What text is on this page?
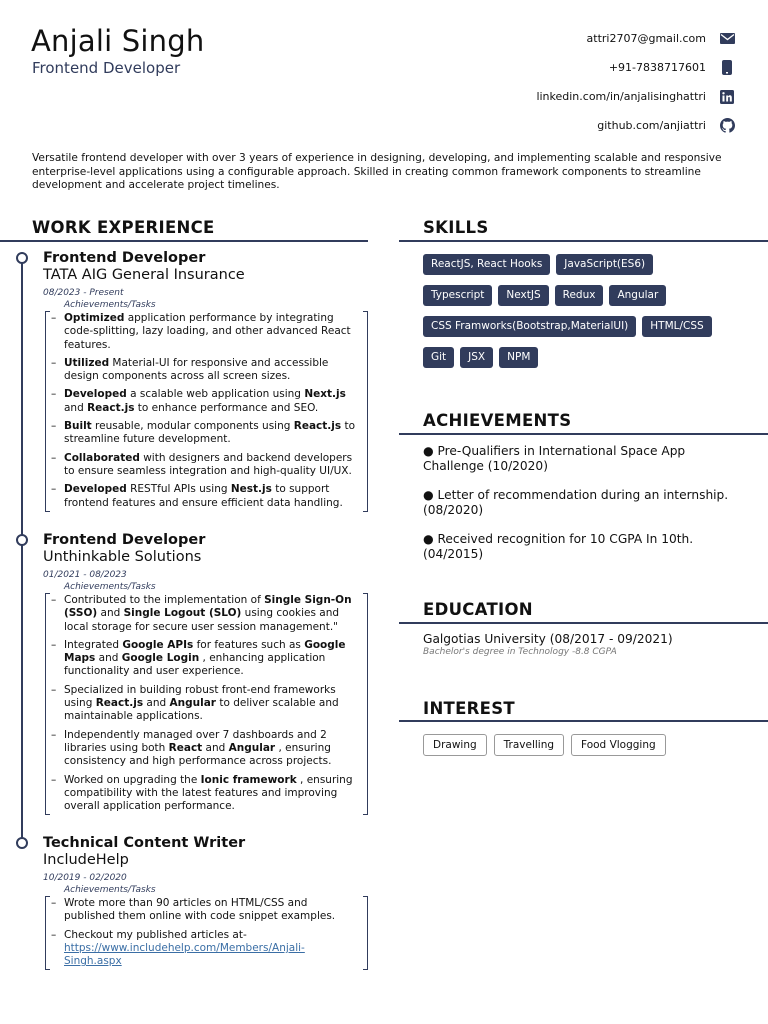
Anjali Singh
Frontend Developer
attri2707@gmail.com
+91-7838717601
linkedin.com/in/anjalisinghattri
github.com/anjiattri
Versatile frontend developer with over 3 years of experience in designing, developing, and implementing scalable and responsive enterprise-level applications using a configurable approach. Skilled in creating common framework components to streamline development and accelerate project timelines.
WORK EXPERIENCE
Frontend Developer
TATA AIG General Insurance
08/2023 - Present
Achievements/Tasks
– Optimized application performance by integrating code-splitting, lazy loading, and other advanced React features.
– Utilized Material-UI for responsive and accessible design components across all screen sizes.
– Developed a scalable web application using Next.js and React.js to enhance performance and SEO.
– Built reusable, modular components using React.js to streamline future development.
– Collaborated with designers and backend developers to ensure seamless integration and high-quality UI/UX.
– Developed RESTful APIs using Nest.js to support frontend features and ensure efficient data handling.
Frontend Developer
Unthinkable Solutions
01/2021 - 08/2023
Achievements/Tasks
– Contributed to the implementation of Single Sign-On (SSO) and Single Logout (SLO) using cookies and local storage for secure user session management."
– Integrated Google APIs for features such as Google Maps and Google Login , enhancing application functionality and user experience.
– Specialized in building robust front-end frameworks using React.js and Angular to deliver scalable and maintainable applications.
– Independently managed over 7 dashboards and 2 libraries using both React and Angular , ensuring consistency and high performance across projects.
– Worked on upgrading the Ionic framework , ensuring compatibility with the latest features and improving overall application performance.
Technical Content Writer
IncludeHelp
10/2019 - 02/2020
Achievements/Tasks
– Wrote more than 90 articles on HTML/CSS and published them online with code snippet examples.
– Checkout my published articles at-https://www.includehelp.com/Members/Anjali-Singh.aspx
SKILLS
ReactJS, React Hooks	JavaScript(ES6)
Typescript	NextJS	Redux	Angular
CSS Framworks(Bootstrap,MaterialUI)	HTML/CSS
Git	JSX	NPM
ACHIEVEMENTS
● Pre-Qualifiers in International Space App Challenge (10/2020)
● Letter of recommendation during an internship. (08/2020)
● Received recognition for 10 CGPA In 10th. (04/2015)
EDUCATION
Galgotias University (08/2017 - 09/2021)
Bachelor's degree in Technology -8.8 CGPA
INTEREST
Drawing	Travelling	Food Vlogging
